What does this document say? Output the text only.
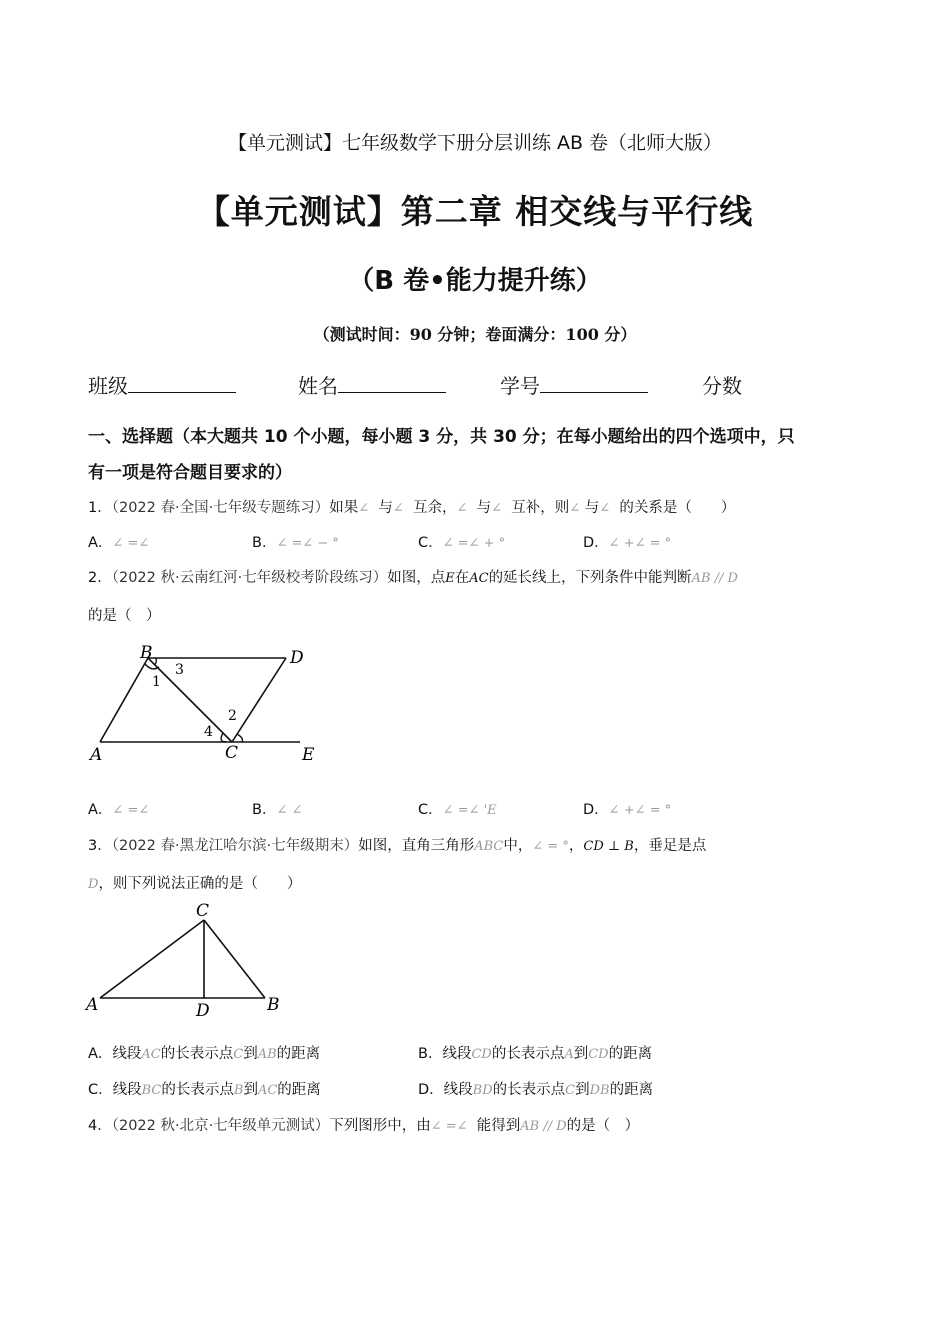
【单元测试】七年级数学下册分层训练 AB 卷（北师大版）
【单元测试】第二章 相交线与平行线
（B 卷•能力提升练）
（测试时间：90 分钟；卷面满分：100 分）
班级	姓名	学号	分数
一、选择题（本大题共 10 个小题，每小题 3 分，共 30 分；在每小题给出的四个选项中，只
有一项是符合题目要求的）
1．（2022 春·全国·七年级专题练习）如果∠ 与∠ 互余，∠ 与∠ 互补，则∠ 与∠ 的关系是（　　）
A．∠ =∠	B．∠ =∠ − °	C．∠ =∠ + °	D．∠ +∠ = °
2．（2022 秋·云南红河·七年级校考阶段练习）如图，点E在AC的延长线上，下列条件中能判断AB // D
的是（　）
B	D
A	C	E
1
3
2
4
A．∠ =∠	B．∠ ∠	C．∠ =∠ 'E	D．∠ +∠ = °
3．（2022 春·黑龙江哈尔滨·七年级期末）如图，直角三角形ABC中，∠ = °，CD ⊥ B，垂足是点
D，则下列说法正确的是（　　）
C
A	D	B
A．线段AC的长表示点C到AB的距离	B．线段CD的长表示点A到CD的距离
C．线段BC的长表示点B到AC的距离	D．线段BD的长表示点C到DB的距离
4．（2022 秋·北京·七年级单元测试）下列图形中，由∠ =∠ 能得到AB // D的是（　）
